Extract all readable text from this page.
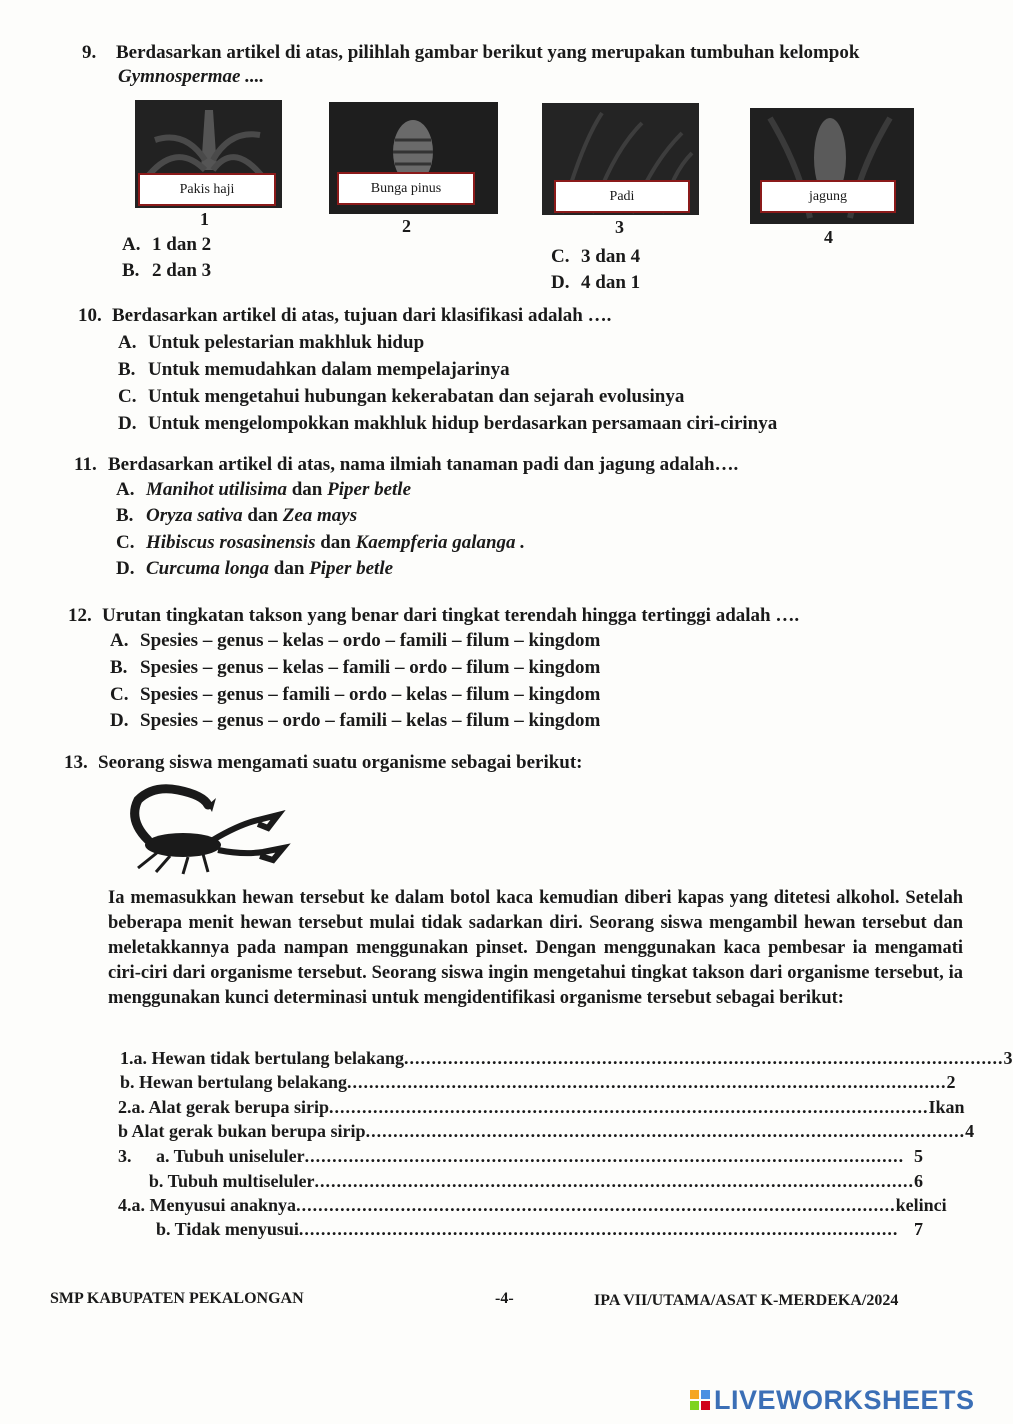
9. Berdasarkan artikel di atas, pilihlah gambar berikut yang merupakan tumbuhan kelompok
Gymnospermae ....
Pakis haji
1
Bunga pinus
2
Padi
3
jagung
4
A. 1 dan 2
B. 2 dan 3
C. 3 dan 4
D. 4 dan 1
10. Berdasarkan artikel di atas, tujuan dari klasifikasi adalah ….
A. Untuk pelestarian makhluk hidup
B. Untuk memudahkan dalam mempelajarinya
C. Untuk mengetahui hubungan kekerabatan dan sejarah evolusinya
D. Untuk mengelompokkan makhluk hidup berdasarkan persamaan ciri-cirinya
11. Berdasarkan artikel di atas, nama ilmiah tanaman padi dan jagung adalah….
A. Manihot utilisima dan Piper betle
B. Oryza sativa dan Zea mays
C. Hibiscus rosasinensis dan Kaempferia galanga .
D. Curcuma longa dan Piper betle
12. Urutan tingkatan takson yang benar dari tingkat terendah hingga tertinggi adalah ….
A. Spesies – genus – kelas – ordo – famili – filum – kingdom
B. Spesies – genus – kelas – famili – ordo – filum – kingdom
C. Spesies – genus – famili – ordo – kelas – filum – kingdom
D. Spesies – genus – ordo – famili – kelas – filum – kingdom
13. Seorang siswa mengamati suatu organisme sebagai berikut:
Ia memasukkan hewan tersebut ke dalam botol kaca kemudian diberi kapas yang ditetesi alkohol. Setelah beberapa menit hewan tersebut mulai tidak sadarkan diri. Seorang siswa mengambil hewan tersebut dan meletakkannya pada nampan menggunakan pinset. Dengan menggunakan kaca pembesar ia mengamati ciri-ciri dari organisme tersebut. Seorang siswa ingin mengetahui tingkat takson dari organisme tersebut, ia menggunakan kunci determinasi untuk mengidentifikasi organisme tersebut sebagai berikut:
1. a. Hewan tidak bertulang belakang ............................................................................................................. 3
b. Hewan bertulang belakang ............................................................................................................. 2
2. a. Alat gerak berupa sirip ............................................................................................................. Ikan
b Alat gerak bukan berupa sirip ............................................................................................................. 4
3.	a. Tubuh uniseluler ............................................................................................................. 5
b. Tubuh multiseluler ............................................................................................................. 6
4. a. Menyusui anaknya ............................................................................................................. kelinci
b. Tidak menyusui ............................................................................................................. 7
SMP KABUPATEN PEKALONGAN	-4-	IPA VII/UTAMA/ASAT K-MERDEKA/2024
LIVEWORKSHEETS
